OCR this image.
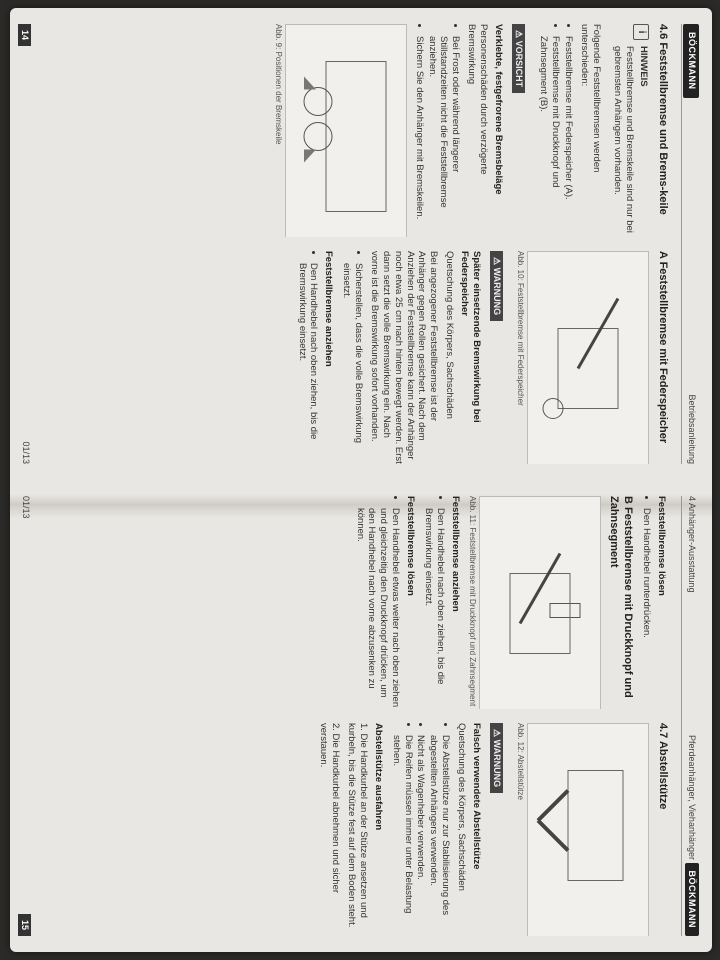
BÖCKMANN
Betriebsanleitung
4.6 Feststellbremse und Brems-keile
i
HINWEIS

Feststellbremse und Bremskeile sind nur bei gebremsten Anhängern vorhanden.

Folgende Feststellbremsen werden unterschieden:

• Feststellbremse mit Federspeicher (A).
• Feststellbremse mit Druckknopf und Zahnsegment (B).
⚠ VORSICHT
Verklebte, festgefrorene Bremsbeläge

Personenschäden durch verzögerte Bremswirkung

• Bei Frost oder während längerer Stillstandzeiten nicht die Feststellbremse anziehen.
• Sichern Sie den Anhänger mit Bremskeilen.
Abb. 9: Positionen der Bremskeile
A Feststellbremse mit Federspeicher
Abb. 10: Feststellbremse mit Federspeicher
⚠ WARNUNG
Später einsetzende Bremswirkung bei Federspeicher

Quetschung des Körpers, Sachschäden

Bei angezogener Feststellbremse ist der Anhänger gegen Rollen gesichert. Nach dem Anziehen der Feststellbremse kann der Anhänger noch etwa 25 cm nach hinten bewegt werden. Erst dann setzt die volle Bremswirkung ein. Nach vorne ist die Bremswirkung sofort vorhanden.

• Sicherstellen, dass die volle Bremswirkung einsetzt.
Feststellbremse anziehen
• Den Handhebel nach oben ziehen, bis die Bremswirkung einsetzt.
14
01/13
4 Anhänger-Ausstattung
Pferdeanhänger, Viehanhänger BÖCKMANN
Feststellbremse lösen
• Den Handhebel runterdrücken.
B Feststellbremse mit Druckknopf und Zahnsegment
Abb. 11: Feststellbremse mit Druckknopf und Zahnsegment
Feststellbremse anziehen
• Den Handhebel nach oben ziehen, bis die Bremswirkung einsetzt.
Feststellbremse lösen
• Den Handhebel etwas weiter nach oben ziehen und gleichzeitig den Druckknopf drücken, um den Handhebel nach vorne abzusenken zu können.
4.7 Abstellstütze
Abb. 12: Abstellstütze
⚠ WARNUNG
Falsch verwendete Abstellstütze

Quetschung des Körpers, Sachschäden

• Die Abstellstütze nur zur Stabilisierung des abgestellten Anhängers verwenden.
• Nicht als Wagenheber verwenden.
• Die Reifen müssen immer unter Belastung stehen.
Abstellstütze ausfahren

1. Die Handkurbel an der Stütze ansetzen und kurbeln, bis die Stütze fest auf dem Boden steht.

2. Die Handkurbel abnehmen und sicher verstauen.

01/13
15
